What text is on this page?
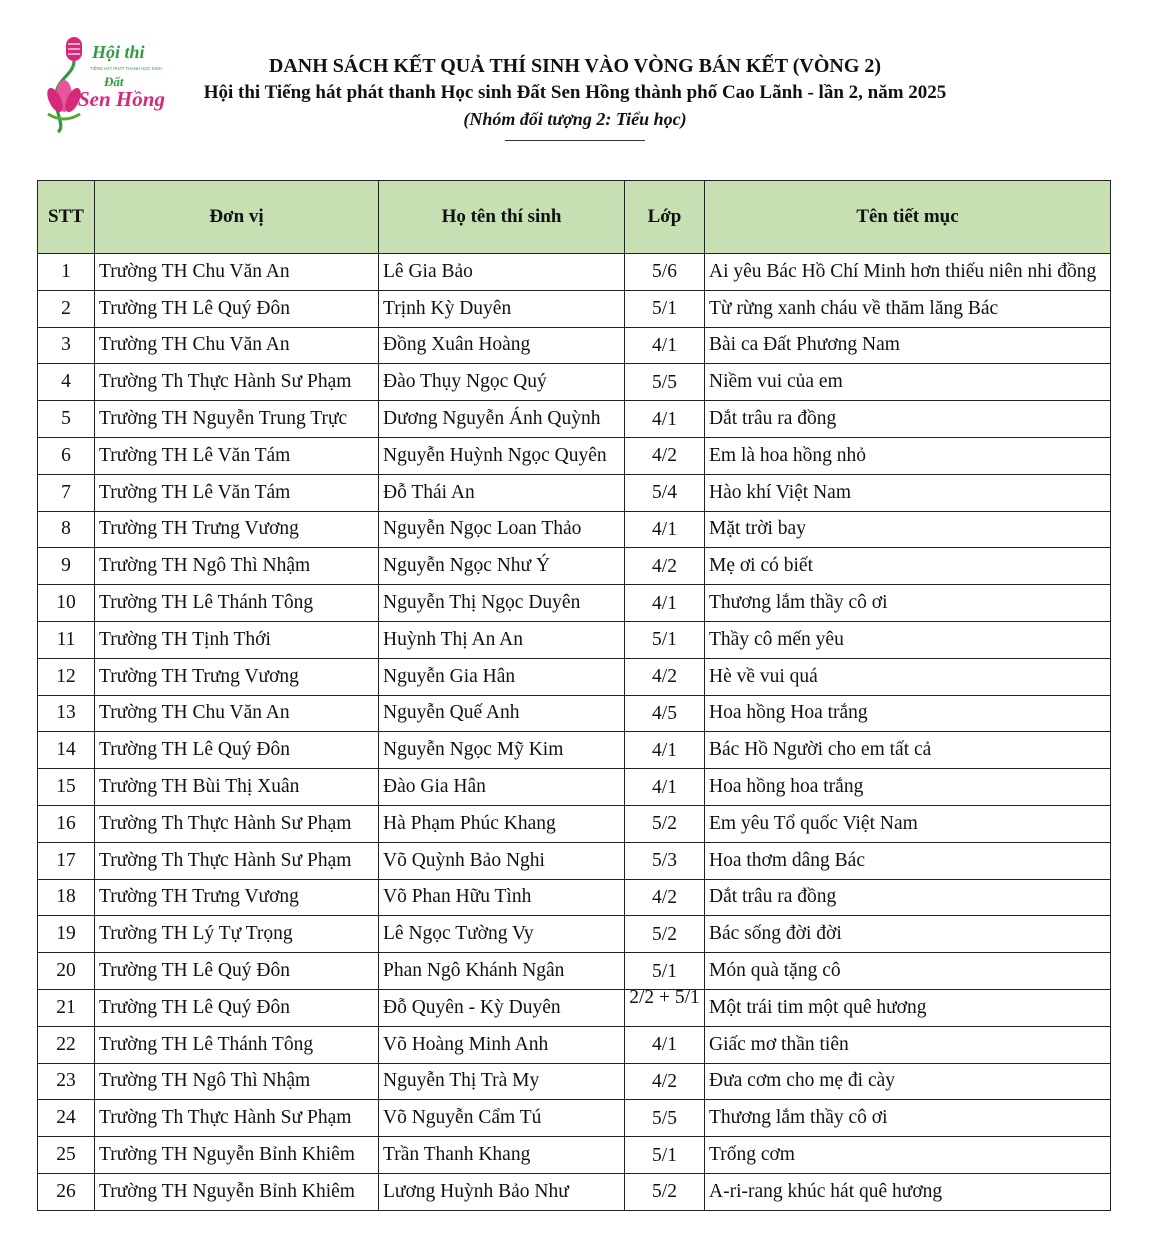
Hội thi
TIẾNG HÁT PHÁT THANH HỌC SINH
Đất
Sen Hồng
DANH SÁCH KẾT QUẢ THÍ SINH VÀO VÒNG BÁN KẾT (VÒNG 2)
Hội thi Tiếng hát phát thanh Học sinh Đất Sen Hồng thành phố Cao Lãnh - lần 2, năm 2025
(Nhóm đối tượng 2: Tiểu học)
STT	Đơn vị	Họ tên thí sinh	Lớp	Tên tiết mục
1	Trường TH Chu Văn An	Lê Gia Bảo	5/6	Ai yêu Bác Hồ Chí Minh hơn thiếu niên nhi đồng
2	Trường TH Lê Quý Đôn	Trịnh Kỳ Duyên	5/1	Từ rừng xanh cháu về thăm lăng Bác
3	Trường TH Chu Văn An	Đồng Xuân Hoàng	4/1	Bài ca Đất Phương Nam
4	Trường Th Thực Hành Sư Phạm	Đào Thụy Ngọc Quý	5/5	Niềm vui của em
5	Trường TH Nguyễn Trung Trực	Dương Nguyễn Ánh Quỳnh	4/1	Dắt trâu ra đồng
6	Trường TH Lê Văn Tám	Nguyễn Huỳnh Ngọc Quyên	4/2	Em là hoa hồng nhỏ
7	Trường TH Lê Văn Tám	Đỗ Thái An	5/4	Hào khí Việt Nam
8	Trường TH Trưng Vương	Nguyễn Ngọc Loan Thảo	4/1	Mặt trời bay
9	Trường TH Ngô Thì Nhậm	Nguyễn Ngọc Như Ý	4/2	Mẹ ơi có biết
10	Trường TH Lê Thánh Tông	Nguyễn Thị Ngọc Duyên	4/1	Thương lắm thầy cô ơi
11	Trường TH Tịnh Thới	Huỳnh Thị An An	5/1	Thầy cô mến yêu
12	Trường TH Trưng Vương	Nguyễn Gia Hân	4/2	Hè về vui quá
13	Trường TH Chu Văn An	Nguyễn Quế Anh	4/5	Hoa hồng Hoa trắng
14	Trường TH Lê Quý Đôn	Nguyễn Ngọc Mỹ Kim	4/1	Bác Hồ Người cho em tất cả
15	Trường TH Bùi Thị Xuân	Đào Gia Hân	4/1	Hoa hồng hoa trắng
16	Trường Th Thực Hành Sư Phạm	Hà Phạm Phúc Khang	5/2	Em yêu Tổ quốc Việt Nam
17	Trường Th Thực Hành Sư Phạm	Võ Quỳnh Bảo Nghi	5/3	Hoa thơm dâng Bác
18	Trường TH Trưng Vương	Võ Phan Hữu Tình	4/2	Dắt trâu ra đồng
19	Trường TH Lý Tự Trọng	Lê Ngọc Tường Vy	5/2	Bác sống đời đời
20	Trường TH Lê Quý Đôn	Phan Ngô Khánh Ngân	5/1	Món quà tặng cô
21	Trường TH Lê Quý Đôn	Đỗ Quyên - Kỳ Duyên	2/2 + 5/1	Một trái tim một quê hương
22	Trường TH Lê Thánh Tông	Võ Hoàng Minh Anh	4/1	Giấc mơ thần tiên
23	Trường TH Ngô Thì Nhậm	Nguyễn Thị Trà My	4/2	Đưa cơm cho mẹ đi cày
24	Trường Th Thực Hành Sư Phạm	Võ Nguyễn Cẩm Tú	5/5	Thương lắm thầy cô ơi
25	Trường TH Nguyễn Bỉnh Khiêm	Trần Thanh Khang	5/1	Trống cơm
26	Trường TH Nguyễn Bỉnh Khiêm	Lương Huỳnh Bảo Như	5/2	A-ri-rang khúc hát quê hương
